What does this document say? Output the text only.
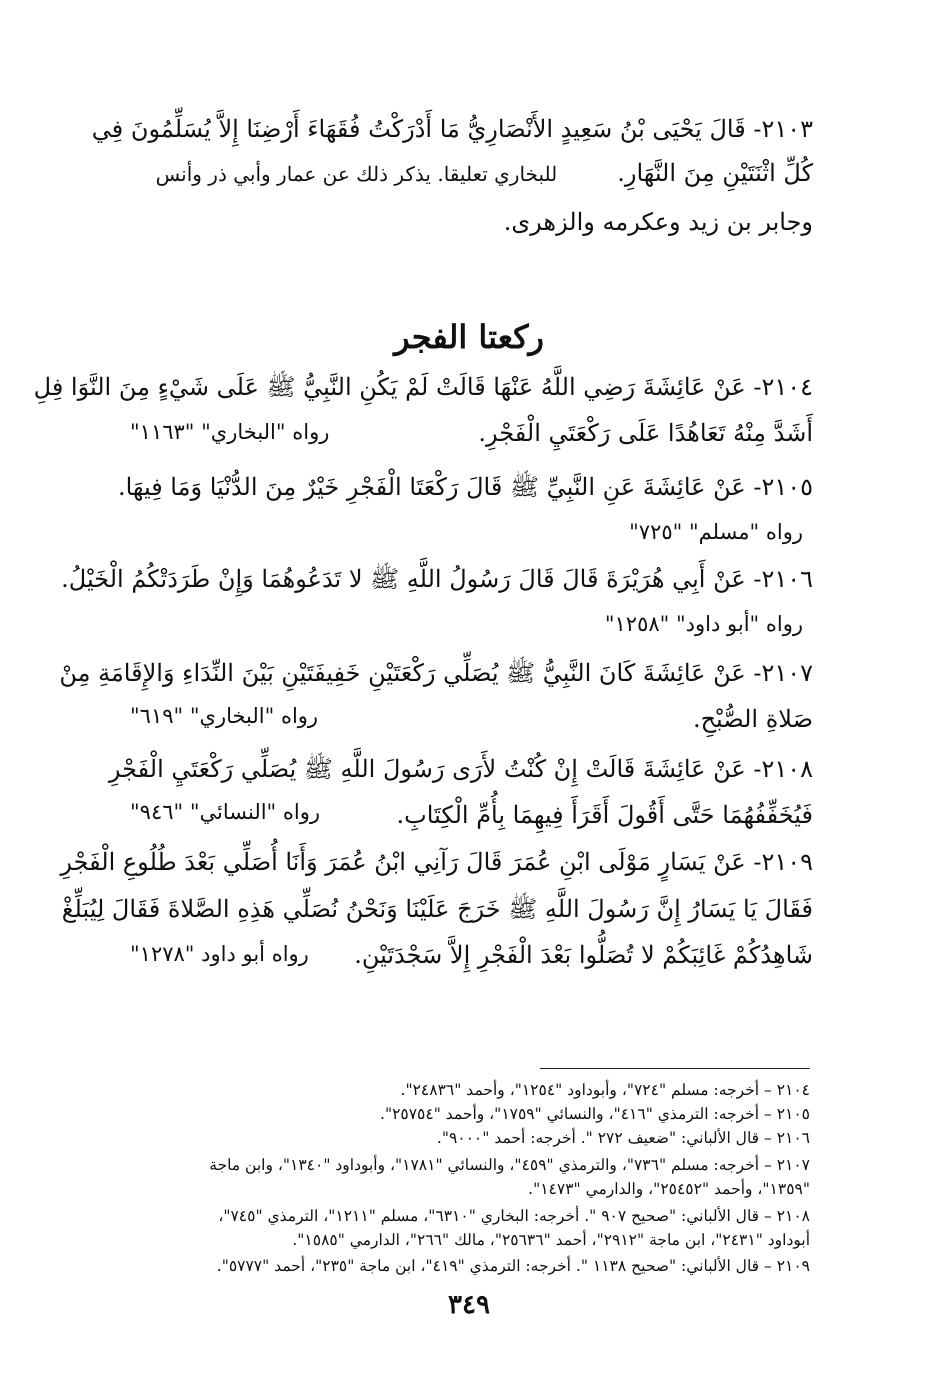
٢١٠٣- قَالَ يَحْيَى بْنُ سَعِيدٍ الأَنْصَارِيُّ مَا أَدْرَكْتُ فُقَهَاءَ أَرْضِنَا إِلاَّ يُسَلِّمُونَ فِي
كُلِّ اثْنَتَيْنِ مِنَ النَّهَارِ.للبخاري تعليقا. يذكر ذلك عن عمار وأبي ذر وأنس
وجابر بن زيد وعكرمه والزهرى.
ركعتا الفجر
٢١٠٤- عَنْ عَائِشَةَ رَضِي اللَّهُ عَنْهَا قَالَتْ لَمْ يَكُنِ النَّبِيُّ ﷺ عَلَى شَيْءٍ مِنَ النَّوَا فِلِ
أَشَدَّ مِنْهُ تَعَاهُدًا عَلَى رَكْعَتَيِ الْفَجْرِ.
رواه "البخاري" "١١٦٣"
٢١٠٥- عَنْ عَائِشَةَ عَنِ النَّبِيِّ ﷺ قَالَ رَكْعَتَا الْفَجْرِ خَيْرٌ مِنَ الدُّنْيَا وَمَا فِيهَا.
رواه "مسلم" "٧٢٥"
٢١٠٦- عَنْ أَبِي هُرَيْرَةَ قَالَ قَالَ رَسُولُ اللَّهِ ﷺ لا تَدَعُوهُمَا وَإِنْ طَرَدَتْكُمُ الْخَيْلُ.
رواه "أبو داود" "١٢٥٨"
٢١٠٧- عَنْ عَائِشَةَ كَانَ النَّبِيُّ ﷺ يُصَلِّي رَكْعَتَيْنِ خَفِيفَتَيْنِ بَيْنَ النِّدَاءِ وَالإِقَامَةِ مِنْ
صَلاةِ الصُّبْحِ.
رواه "البخاري" "٦١٩"
٢١٠٨- عَنْ عَائِشَةَ قَالَتْ إِنْ كُنْتُ لأَرَى رَسُولَ اللَّهِ ﷺ يُصَلِّي رَكْعَتَيِ الْفَجْرِ
فَيُخَفِّفُهُمَا حَتَّى أَقُولَ أَقَرَأَ فِيهِمَا بِأُمِّ الْكِتَابِ.
رواه "النسائي" "٩٤٦"
٢١٠٩- عَنْ يَسَارٍ مَوْلَى ابْنِ عُمَرَ قَالَ رَآنِي ابْنُ عُمَرَ وَأَنَا أُصَلِّي بَعْدَ طُلُوعِ الْفَجْرِ
فَقَالَ يَا يَسَارُ إِنَّ رَسُولَ اللَّهِ ﷺ خَرَجَ عَلَيْنَا وَنَحْنُ نُصَلِّي هَذِهِ الصَّلاةَ فَقَالَ لِيُبَلِّغْ
شَاهِدُكُمْ غَائِبَكُمْ لا تُصَلُّوا بَعْدَ الْفَجْرِ إِلاَّ سَجْدَتَيْنِ.
رواه أبو داود "١٢٧٨"
٢١٠٤ – أخرجه: مسلم "٧٢٤"، وأبوداود "١٢٥٤"، وأحمد "٢٤٨٣٦".
٢١٠٥ – أخرجه: الترمذي "٤١٦"، والنسائي "١٧٥٩"، وأحمد "٢٥٧٥٤".
٢١٠٦ – قال الألباني: "ضعيف ٢٧٢ ". أخرجه: أحمد "٩٠٠٠".
٢١٠٧ – أخرجه: مسلم "٧٣٦"، والترمذي "٤٥٩"، والنسائي "١٧٨١"، وأبوداود "١٣٤٠"، وابن ماجة
"١٣٥٩"، وأحمد "٢٥٤٥٢"، والدارمي "١٤٧٣".
٢١٠٨ – قال الألباني: "صحيح ٩٠٧ ". أخرجه: البخاري "٦٣١٠"، مسلم "١٢١١"، الترمذي "٧٤٥"،
أبوداود "٢٤٣١"، ابن ماجة "٢٩١٢"، أحمد "٢٥٦٣٦"، مالك "٢٦٦"، الدارمي "١٥٨٥".
٢١٠٩ – قال الألباني: "صحيح ١١٣٨ ". أخرجه: الترمذي "٤١٩"، ابن ماجة "٢٣٥"، أحمد "٥٧٧٧".
٣٤٩
